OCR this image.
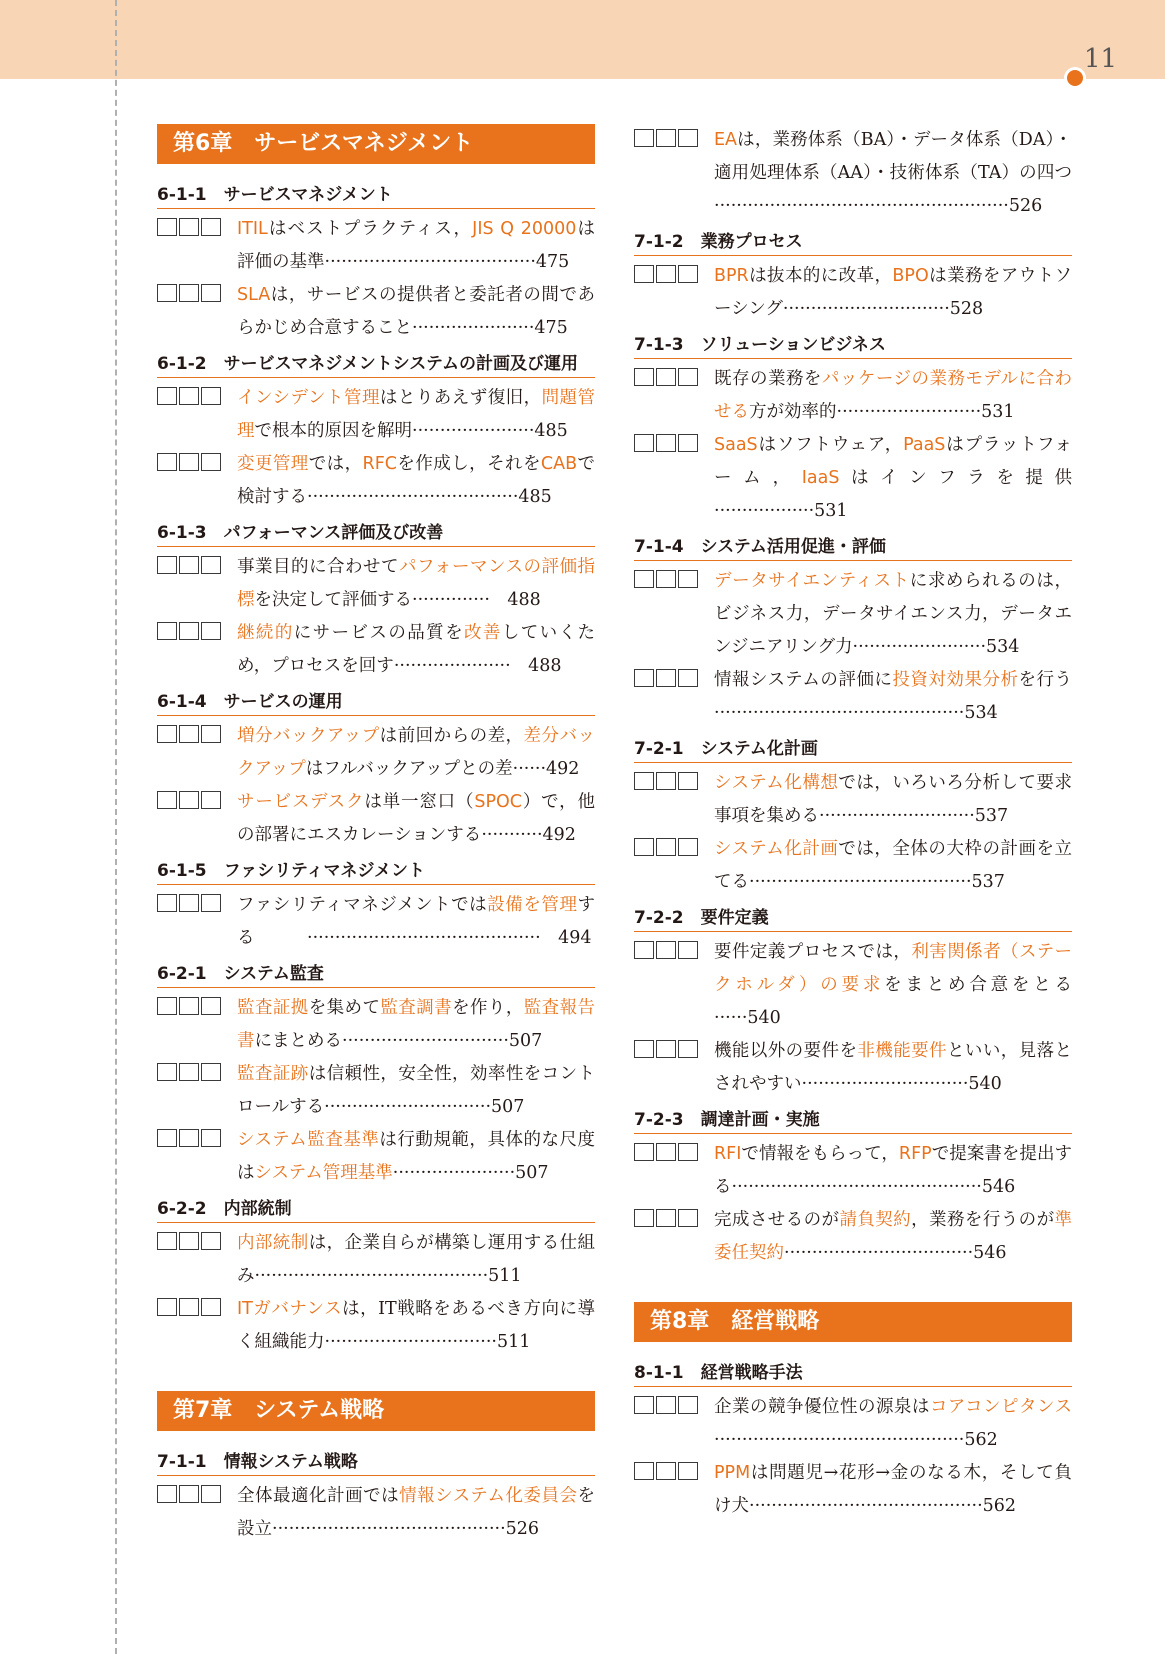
11
第6章　サービスマネジメント
6-1-1　サービスマネジメント
ITILはベストプラクティス，JIS Q 20000は評価の基準······································475
SLAは，サービスの提供者と委託者の間であらかじめ合意すること······················475
6-1-2　サービスマネジメントシステムの計画及び運用
インシデント管理はとりあえず復旧，問題管理で根本的原因を解明······················485
変更管理では，RFCを作成し，それをCABで検討する······································485
6-1-3　パフォーマンス評価及び改善
事業目的に合わせてパフォーマンスの評価指標を決定して評価する··············　488
継続的にサービスの品質を改善していくため，プロセスを回す·····················　488
6-1-4　サービスの運用
増分バックアップは前回からの差，差分バックアップはフルバックアップとの差······492
サービスデスクは単一窓口（SPOC）で，他の部署にエスカレーションする···········492
6-1-5　ファシリティマネジメント
ファシリティマネジメントでは設備を管理する　　　··········································　494
6-2-1　システム監査
監査証拠を集めて監査調書を作り，監査報告書にまとめる······························507
監査証跡は信頼性，安全性，効率性をコントロールする······························507
システム監査基準は行動規範，具体的な尺度はシステム管理基準······················507
6-2-2　内部統制
内部統制は，企業自らが構築し運用する仕組み··········································511
ITガバナンスは，IT戦略をあるべき方向に導く組織能力·······························511
第7章　システム戦略
7-1-1　情報システム戦略
全体最適化計画では情報システム化委員会を設立··········································526
EAは，業務体系（BA）・データ体系（DA）・適用処理体系（AA）・技術体系（TA）の四つ·····················································526
7-1-2　業務プロセス
BPRは抜本的に改革，BPOは業務をアウトソーシング······························528
7-1-3　ソリューションビジネス
既存の業務をパッケージの業務モデルに合わせる方が効率的··························531
SaaSはソフトウェア，PaaSはプラットフォーム，IaaSはインフラを提供··················531
7-1-4　システム活用促進・評価
データサイエンティストに求められるのは，ビジネス力，データサイエンス力，データエンジニアリング力························534
情報システムの評価に投資対効果分析を行う·············································534
7-2-1　システム化計画
システム化構想では，いろいろ分析して要求事項を集める····························537
システム化計画では，全体の大枠の計画を立てる········································537
7-2-2　要件定義
要件定義プロセスでは，利害関係者（ステークホルダ）の要求をまとめ合意をとる······540
機能以外の要件を非機能要件といい，見落とされやすい······························540
7-2-3　調達計画・実施
RFIで情報をもらって，RFPで提案書を提出する·············································546
完成させるのが請負契約，業務を行うのが準委任契約··································546
第8章　経営戦略
8-1-1　経営戦略手法
企業の競争優位性の源泉はコアコンピタンス·············································562
PPMは問題児→花形→金のなる木，そして負け犬··········································562
